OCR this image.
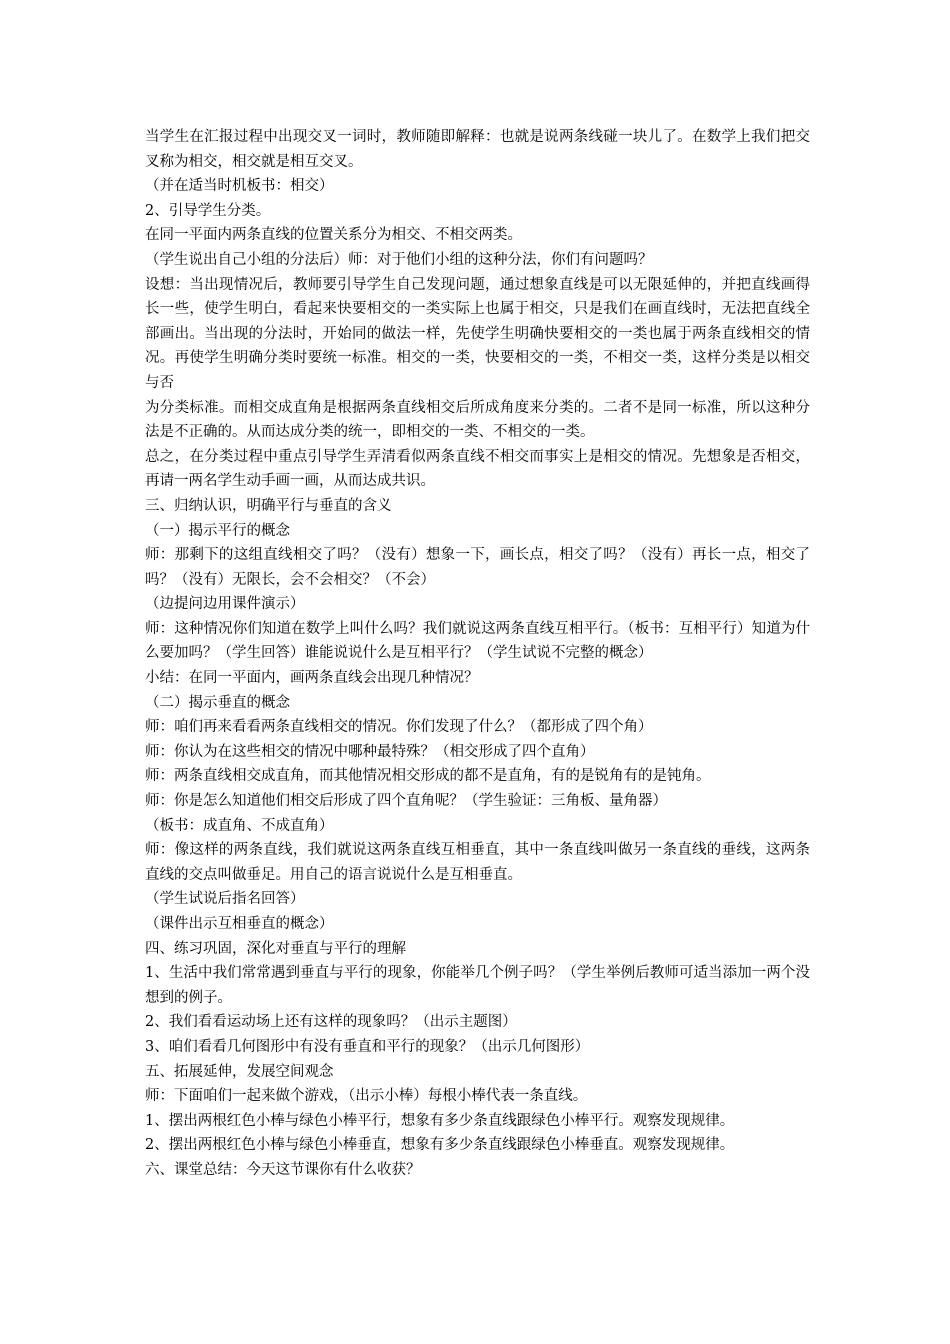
当学生在汇报过程中出现交叉一词时，教师随即解释：也就是说两条线碰一块儿了。在数学上我们把交叉称为相交，相交就是相互交叉。

（并在适当时机板书：相交）

2、引导学生分类。

在同一平面内两条直线的位置关系分为相交、不相交两类。

（学生说出自己小组的分法后）师：对于他们小组的这种分法，你们有问题吗？

设想：当出现情况后，教师要引导学生自己发现问题，通过想象直线是可以无限延伸的，并把直线画得长一些，使学生明白，看起来快要相交的一类实际上也属于相交，只是我们在画直线时，无法把直线全部画出。当出现的分法时，开始同的做法一样，先使学生明确快要相交的一类也属于两条直线相交的情况。再使学生明确分类时要统一标准。相交的一类，快要相交的一类，不相交一类，这样分类是以相交与否

为分类标准。而相交成直角是根据两条直线相交后所成角度来分类的。二者不是同一标准，所以这种分法是不正确的。从而达成分类的统一，即相交的一类、不相交的一类。

总之，在分类过程中重点引导学生弄清看似两条直线不相交而事实上是相交的情况。先想象是否相交，再请一两名学生动手画一画，从而达成共识。

三、归纳认识，明确平行与垂直的含义

（一）揭示平行的概念

师：那剩下的这组直线相交了吗？（没有）想象一下，画长点，相交了吗？（没有）再长一点，相交了吗？（没有）无限长，会不会相交？（不会）

（边提问边用课件演示）

师：这种情况你们知道在数学上叫什么吗？我们就说这两条直线互相平行。（板书：互相平行）知道为什么要加吗？（学生回答）谁能说说什么是互相平行？（学生试说不完整的概念）

小结：在同一平面内，画两条直线会出现几种情况？

（二）揭示垂直的概念

师：咱们再来看看两条直线相交的情况。你们发现了什么？（都形成了四个角）

师：你认为在这些相交的情况中哪种最特殊？（相交形成了四个直角）

师：两条直线相交成直角，而其他情况相交形成的都不是直角，有的是锐角有的是钝角。

师：你是怎么知道他们相交后形成了四个直角呢？（学生验证：三角板、量角器）

（板书：成直角、不成直角）

师：像这样的两条直线，我们就说这两条直线互相垂直，其中一条直线叫做另一条直线的垂线，这两条直线的交点叫做垂足。用自己的语言说说什么是互相垂直。

（学生试说后指名回答）

（课件出示互相垂直的概念）

四、练习巩固，深化对垂直与平行的理解

1、生活中我们常常遇到垂直与平行的现象，你能举几个例子吗？（学生举例后教师可适当添加一两个没想到的例子。

2、我们看看运动场上还有这样的现象吗？（出示主题图）

3、咱们看看几何图形中有没有垂直和平行的现象？（出示几何图形）

五、拓展延伸，发展空间观念

师：下面咱们一起来做个游戏，（出示小棒）每根小棒代表一条直线。

1、摆出两根红色小棒与绿色小棒平行，想象有多少条直线跟绿色小棒平行。观察发现规律。

2、摆出两根红色小棒与绿色小棒垂直，想象有多少条直线跟绿色小棒垂直。观察发现规律。

六、课堂总结：今天这节课你有什么收获？
